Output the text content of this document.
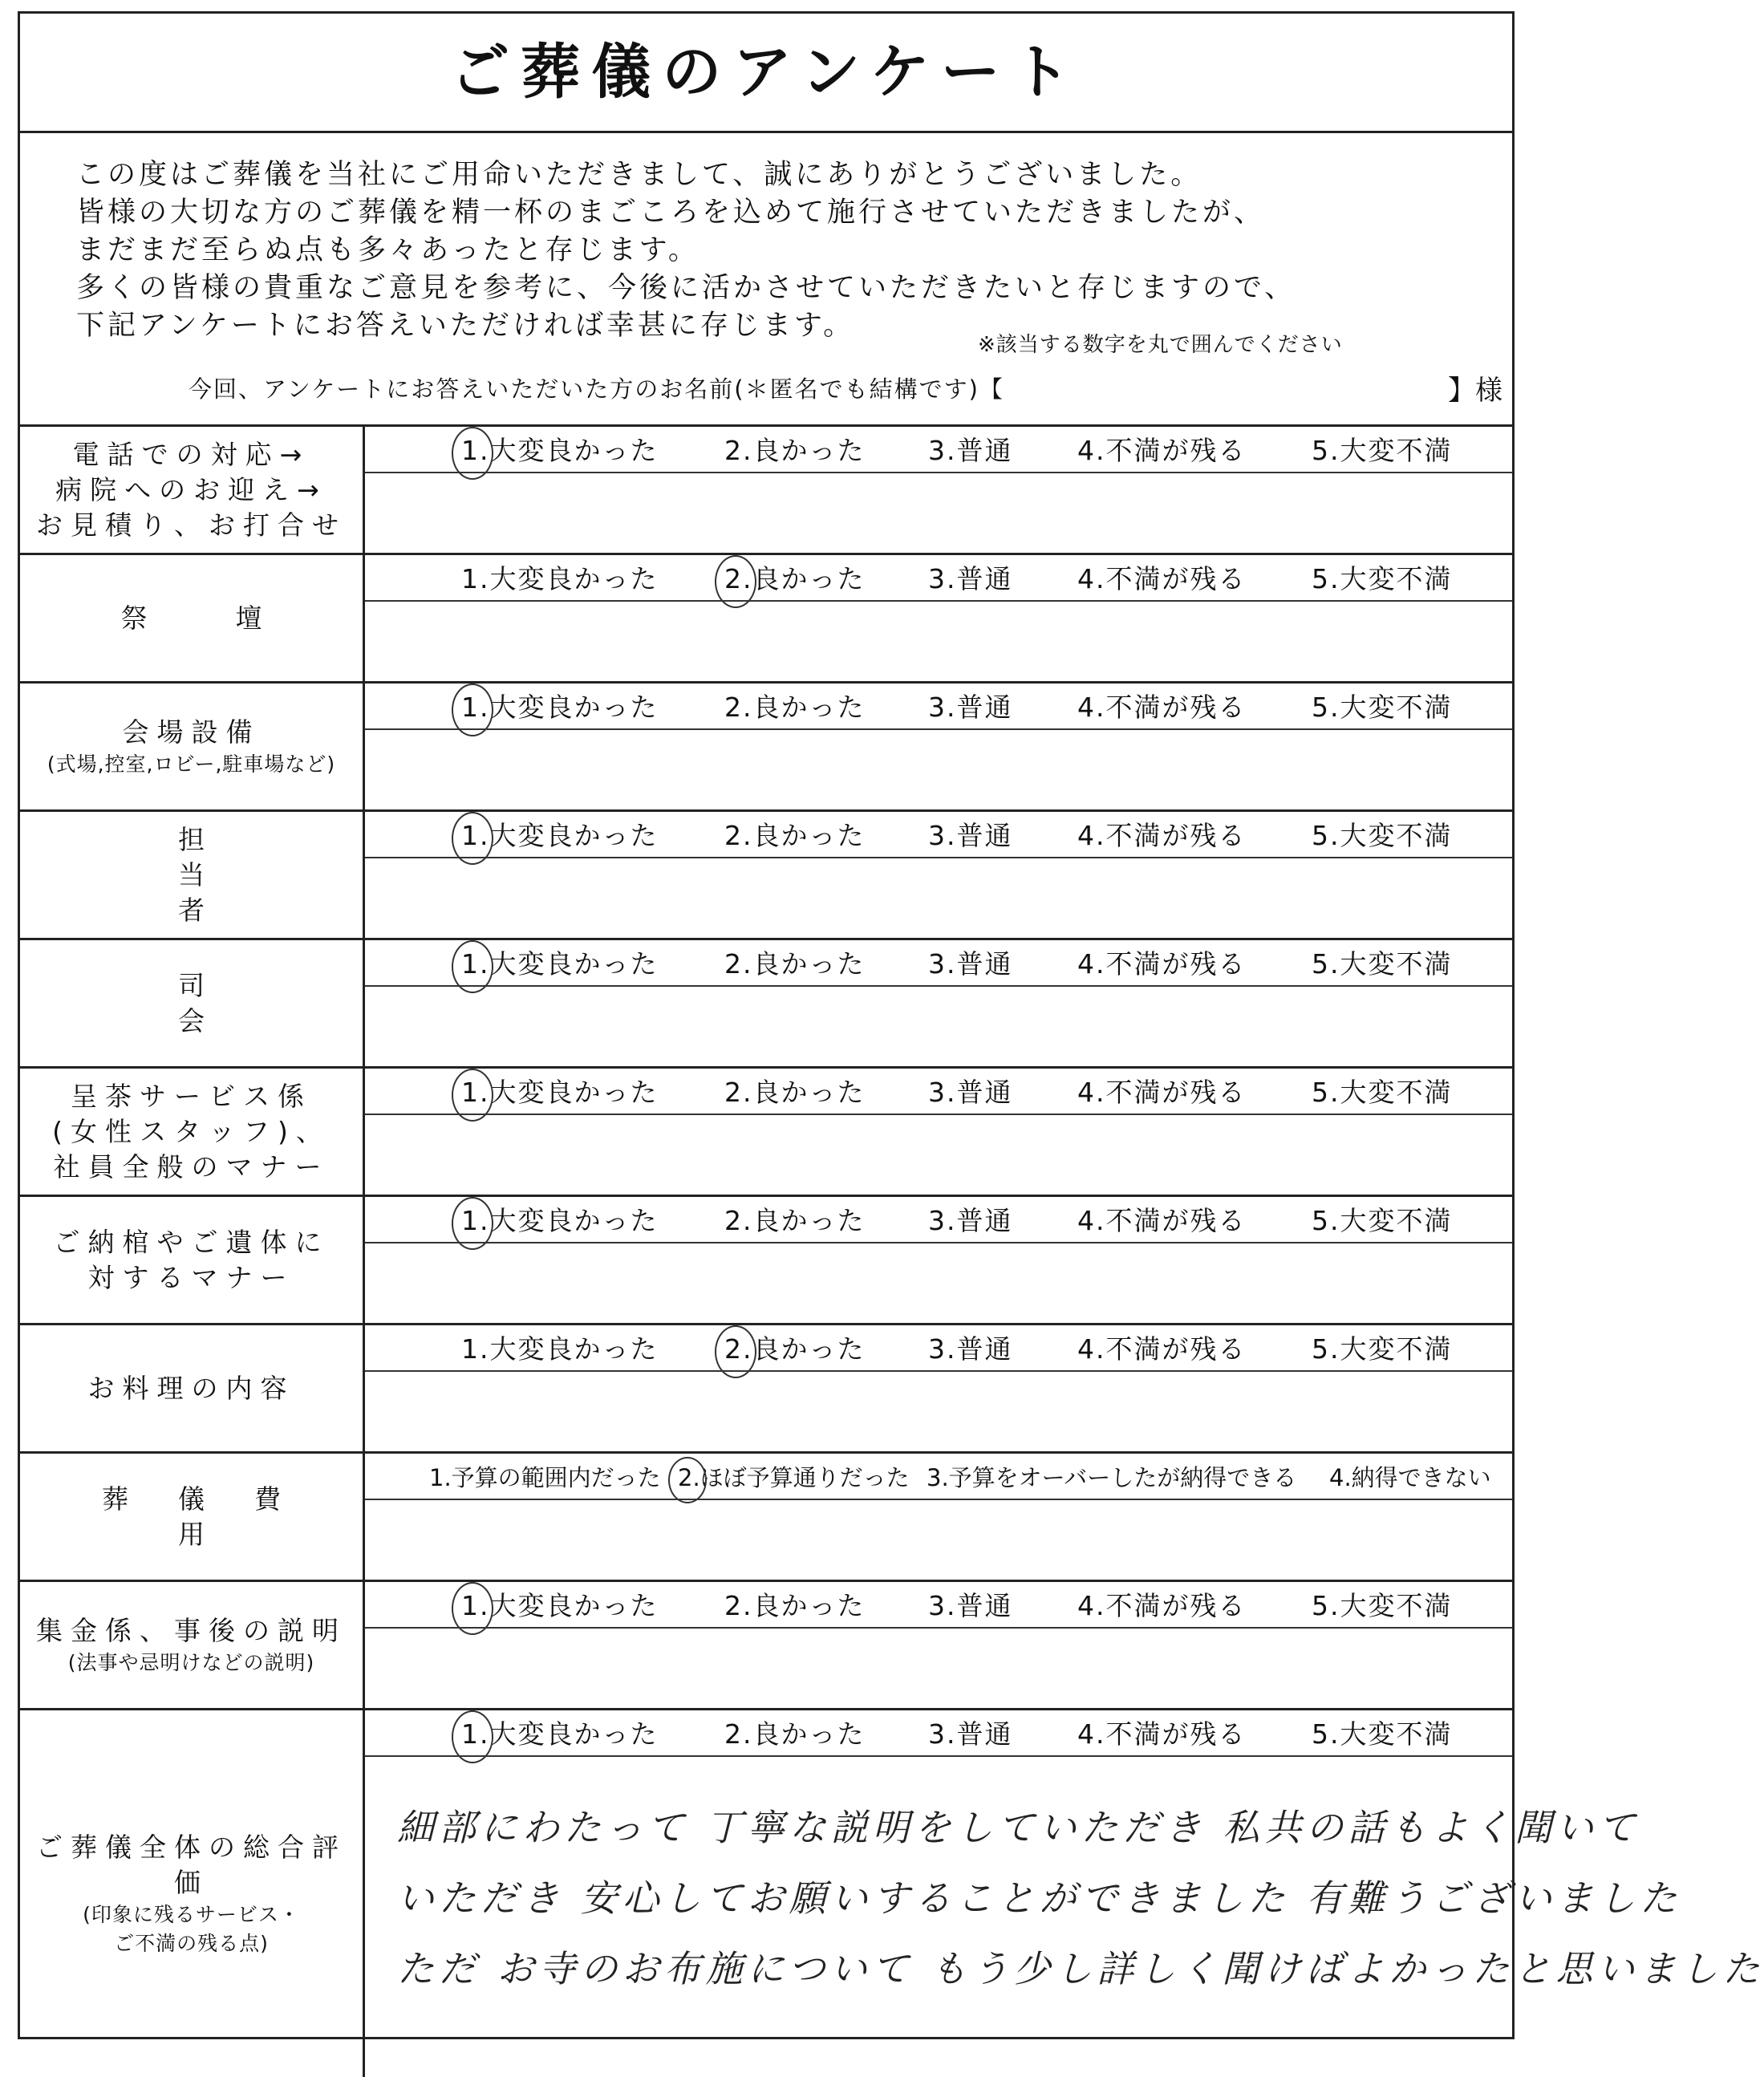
ご葬儀のアンケート

この度はご葬儀を当社にご用命いただきまして、誠にありがとうございました。

皆様の大切な方のご葬儀を精一杯のまごころを込めて施行させていただきましたが、

まだまだ至らぬ点も多々あったと存じます。

多くの皆様の貴重なご意見を参考に、今後に活かさせていただきたいと存じますので、

下記アンケートにお答えいただければ幸甚に存じます。

※該当する数字を丸で囲んでください
今回、アンケートにお答えいただいた方のお名前(＊匿名でも結構です)【	】様
電話での対応→
病院へのお迎え→
お見積り、お打合せ
1.大変良かった	2.良かった 3.普通 4.不満が残る 5.大変不満
祭壇
1.大変良かった	2.良かった 3.普通 4.不満が残る 5.大変不満
会場設備
(式場,控室,ロビー,駐車場など)
1.大変良かった	2.良かった 3.普通 4.不満が残る 5.大変不満
担当者
1.大変良かった	2.良かった 3.普通 4.不満が残る 5.大変不満
司会
1.大変良かった	2.良かった 3.普通 4.不満が残る 5.大変不満
呈茶サービス係
(女性スタッフ)、
社員全般のマナー
1.大変良かった	2.良かった 3.普通 4.不満が残る 5.大変不満
ご納棺やご遺体に
対するマナー
1.大変良かった	2.良かった 3.普通 4.不満が残る 5.大変不満
お料理の内容
1.大変良かった	2.良かった 3.普通 4.不満が残る 5.大変不満
葬儀費用
1.予算の範囲内だった 2.ほぼ予算通りだった 3.予算をオーバーしたが納得できる 4.納得できない
集金係、事後の説明
(法事や忌明けなどの説明)
1.大変良かった	2.良かった 3.普通 4.不満が残る 5.大変不満
ご葬儀全体の総合評価
(印象に残るサービス・
ご不満の残る点)
1.大変良かった	2.良かった 3.普通 4.不満が残る 5.大変不満
細部にわたって 丁寧な説明をしていただき 私共の話もよく聞いて
いただき 安心してお願いすることができました 有難うございました
ただ お寺のお布施について もう少し詳しく聞けばよかったと思いました
